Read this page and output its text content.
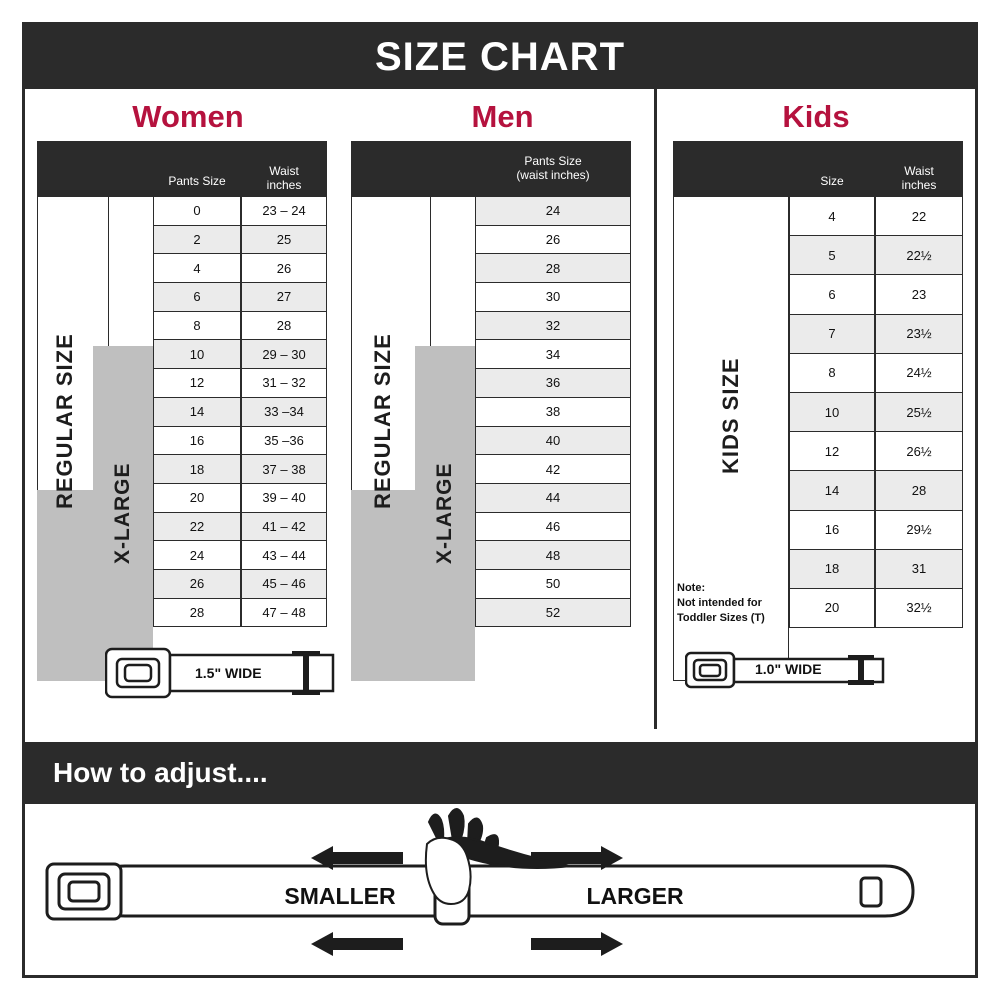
SIZE CHART
Women
REGULAR SIZE
X-LARGE
Pants Size
Waist
inches
0	23 – 24
2	25
4	26
6	27
8	28
10	29 – 30
12	31 – 32
14	33 –34
16	35 –36
18	37 – 38
20	39 – 40
22	41 – 42
24	43 – 44
26	45 – 46
28	47 – 48
1.5" WIDE
Men
REGULAR SIZE
X-LARGE
Pants Size
(waist inches)
24
26
28
30
32
34
36
38
40
42
44
46
48
50
52
Kids
KIDS SIZE
Size
Waist
inches
4	22
5	22½
6	23
7	23½
8	24½
10	25½
12	26½
14	28
16	29½
18	31
20	32½
Note:
Not intended for
Toddler Sizes (T)
1.0" WIDE
How to adjust....
SMALLER	LARGER
